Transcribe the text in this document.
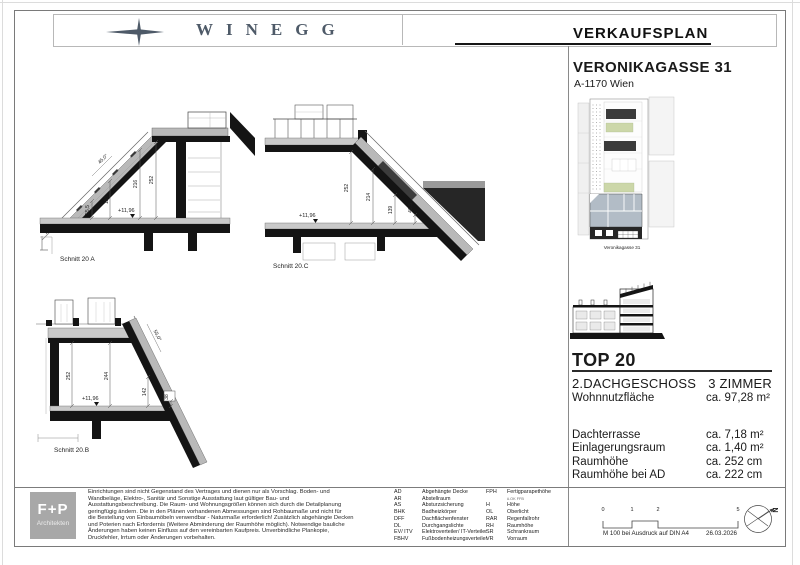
WINEGG	VERKAUFSPLAN
VERONIKAGASSE 31
A-1170 Wien
55,5
118
216 252
45,0°
+11,96
Schnitt 20 A
252
214
139	46,5
+11,96
Schnitt 20.C
252	244
142
38
55,0°
+11,96
Schnitt 20.B
Veronikagasse 31
TOP 20
2.DACHGESCHOSS 3 ZIMMER
Wohnnutzfläche	ca. 97,28 m²
Dachterrasse	ca. 7,18 m²
Einlagerungsraum	ca. 1,40 m²
Raumhöhe	ca. 252 cm
Raumhöhe bei AD	ca. 222 cm
F+P
Architekten
Einrichtungen sind nicht Gegenstand des Vertrages und dienen nur als Vorschlag. Boden- und
Wandbeläge, Elektro-, Sanitär und Sonstige Ausstattung laut gültiger Bau- und
Ausstattungsbeschreibung. Die Raum- und Wohnungsgrößen können sich durch die Detailplanung
geringfügig ändern. Die in den Plänen vorhandenen Abmessungen sind Rohbaumaße und nicht für
die Bestellung von Einbaumöbeln verwendbar - Naturmaße erforderlich! Zusätzlich abgehängte Decken
und Poterien nach Erfordernis (Weitere Abminderung der Raumhöhe möglich). Notwendige bauliche
Änderungen haben keinen Einfluss auf den vereinbarten Kaufpreis. Unverbindliche Plankopie,
Druckfehler, Irrtum oder Änderungen vorbehalten.
AD	Abgehängte Decke
AR	Abstellraum
AS	Absturzsicherung
BHK	Badheizkörper
DFF	Dachflächenfenster
DL	Durchgangslichte
EV/ ITV Elektroverteiler/ IT-Verteiler
FBHV	Fußbodenheizungsverteiler
FPH Fertigparapethöhe
ü.OK FFB
H	Höhe
OL	Oberlicht
RAR Regenfallrohr
RH Raumhöhe
SR	Schrankraum
VR	Vorraum
0	1	2	5	N
M 100 bei Ausdruck auf DIN A4	26.03.2026
